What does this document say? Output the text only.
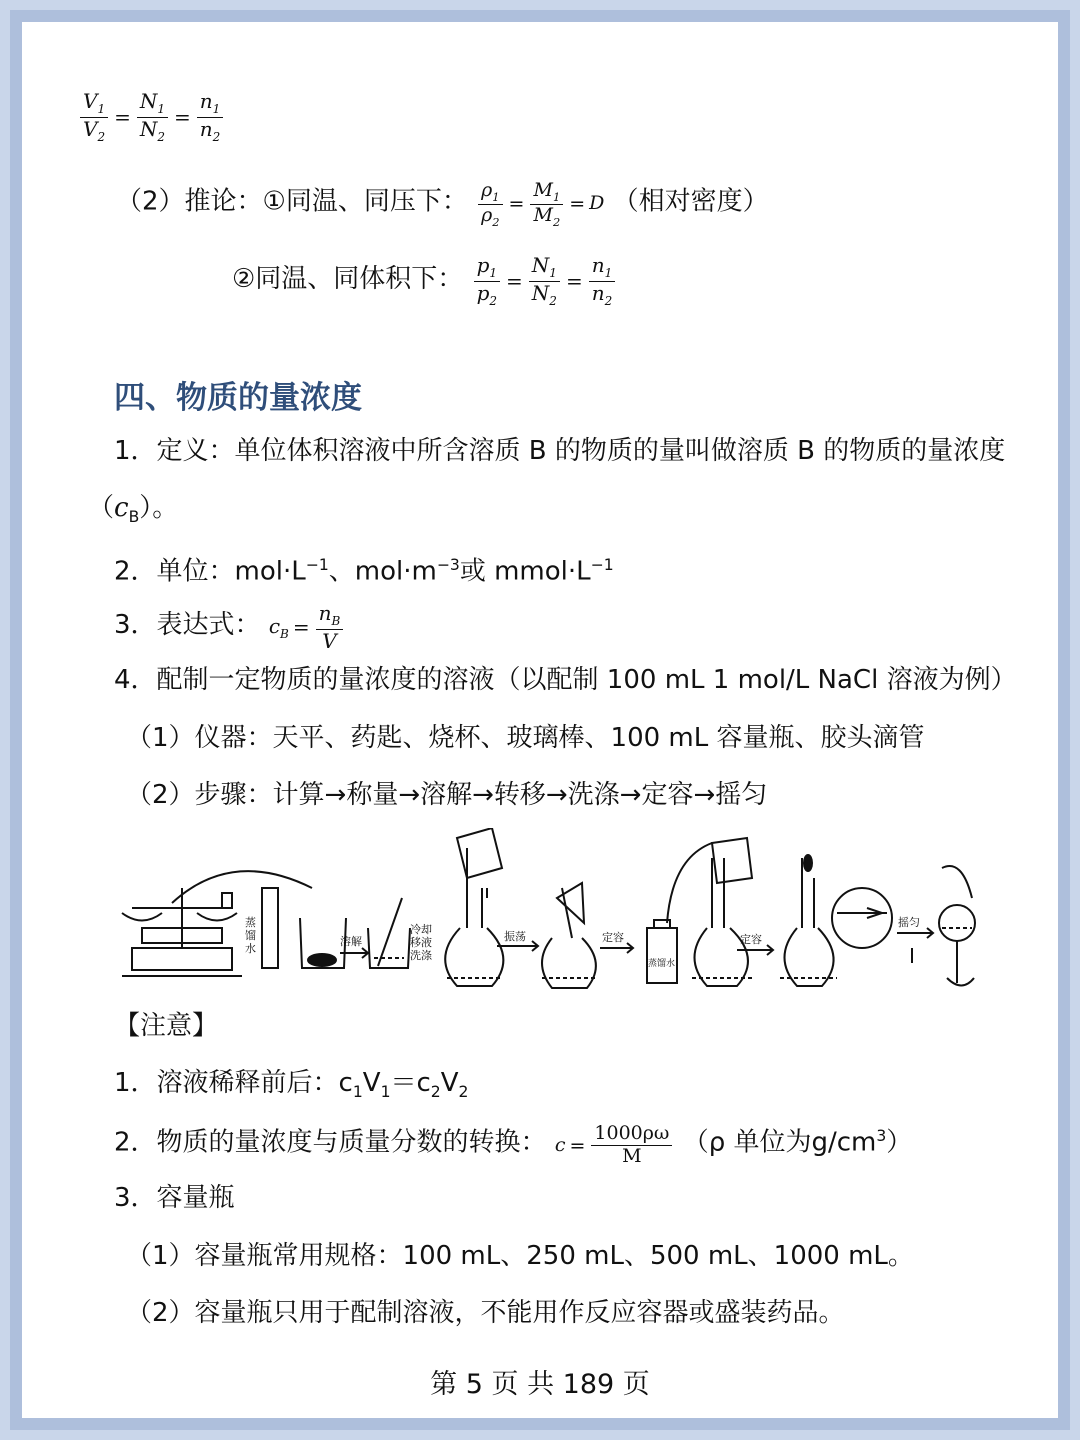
$\frac{V_1}{V_2} = \frac{N_1}{N_2} = \frac{n_1}{n_2}$
（2）推论：①同温、同压下： $\frac{\rho_1}{\rho_2} = \frac{M_1}{M_2} = D$ （相对密度）
②同温、同体积下： $\frac{p_1}{p_2} = \frac{N_1}{N_2} = \frac{n_1}{n_2}$
四、物质的量浓度
1．定义：单位体积溶液中所含溶质 B 的物质的量叫做溶质 B 的物质的量浓度
$(c_B)$。
2．单位：$mol\cdot L^{-1}$、$mol\cdot m^{-3}$或 $mmol\cdot L^{-1}$
3．表达式： $c_B = \frac{n_B}{V}$
4．配制一定物质的量浓度的溶液（以配制 100 mL 1 mol/L NaCl 溶液为例）
（1）仪器：天平、药匙、烧杯、玻璃棒、100 mL 容量瓶、胶头滴管
（2）步骤：计算→称量→溶解→转移→洗涤→定容→摇匀
蒸
馏
水
溶解
冷却
移液
洗涤
振荡	定容
蒸馏水
定容
摇匀
【注意】
1．溶液稀释前后：$c_1V_1=c_2V_2$
2．物质的量浓度与质量分数的转换： $c = \frac{1000\rho\omega}{M} (\rho$ 单位为$g/cm^3$）
3．容量瓶
（1）容量瓶常用规格：100 mL、250 mL、500 mL、1000 mL。
（2）容量瓶只用于配制溶液，不能用作反应容器或盛装药品。
第 5 页 共 189 页
